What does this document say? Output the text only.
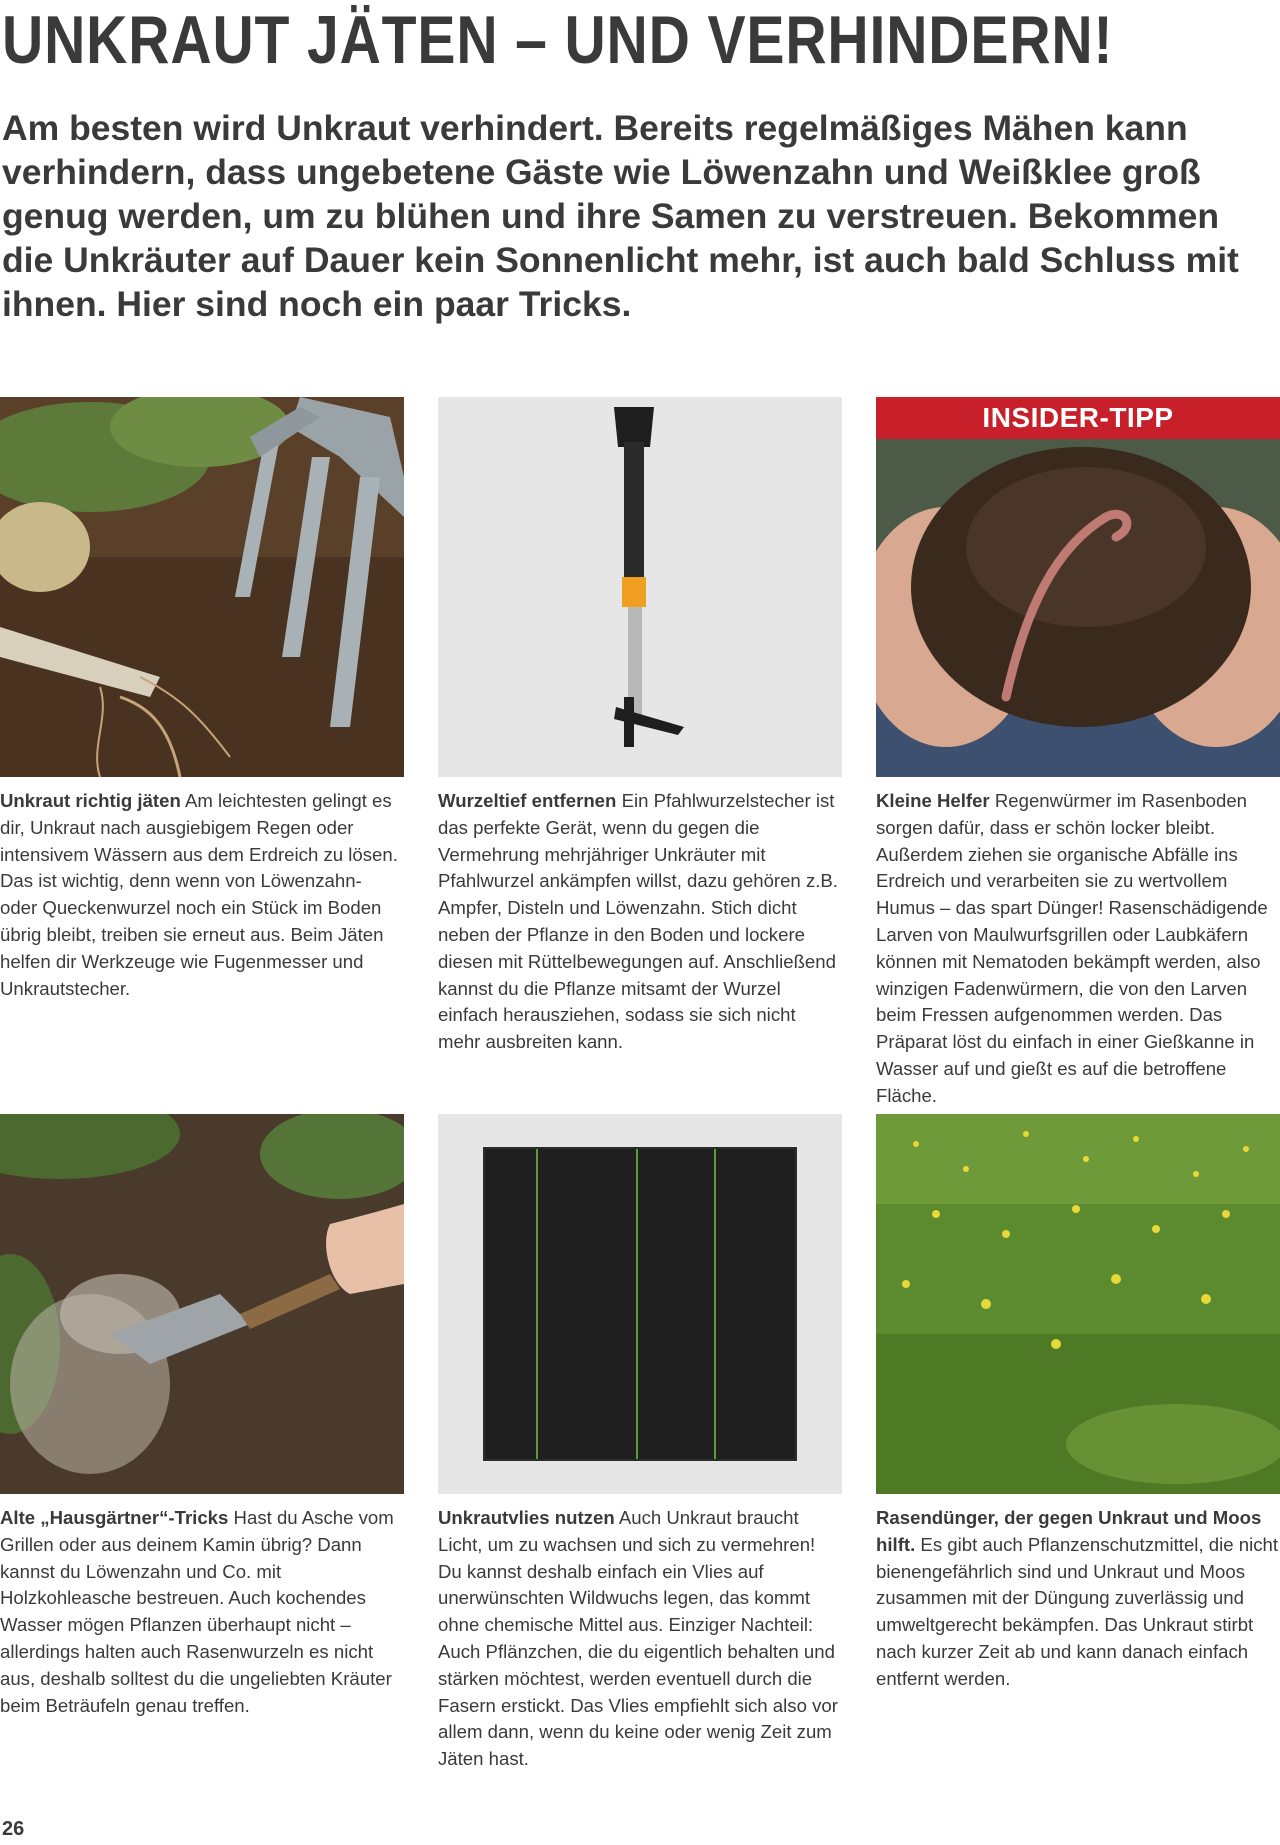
UNKRAUT JÄTEN – UND VERHINDERN!

Am besten wird Unkraut verhindert. Bereits regelmäßiges Mähen kann verhindern, dass ungebetene Gäste wie Löwenzahn und Weißklee groß genug werden, um zu blühen und ihre Samen zu verstreuen. Bekommen die Unkräuter auf Dauer kein Sonnenlicht mehr, ist auch bald Schluss mit ihnen. Hier sind noch ein paar Tricks.

INSIDER-TIPP

Unkraut richtig jäten Am leichtesten gelingt es dir, Unkraut nach ausgiebigem Regen oder intensivem Wässern aus dem Erdreich zu lösen. Das ist wichtig, denn wenn von Löwenzahn- oder Queckenwurzel noch ein Stück im Boden übrig bleibt, treiben sie erneut aus. Beim Jäten helfen dir Werkzeuge wie Fugenmesser und Unkrautstecher.

Wurzeltief entfernen Ein Pfahlwurzelstecher ist das perfekte Gerät, wenn du gegen die Vermehrung mehrjähriger Unkräuter mit Pfahlwurzel ankämpfen willst, dazu gehören z.B. Ampfer, Disteln und Löwenzahn. Stich dicht neben der Pflanze in den Boden und lockere diesen mit Rüttelbewegungen auf. Anschließend kannst du die Pflanze mitsamt der Wurzel einfach herausziehen, sodass sie sich nicht mehr ausbreiten kann.

Kleine Helfer Regenwürmer im Rasenboden sorgen dafür, dass er schön locker bleibt. Außerdem ziehen sie organische Abfälle ins Erdreich und verarbeiten sie zu wertvollem Humus – das spart Dünger! Rasenschädigende Larven von Maulwurfsgrillen oder Laubkäfern können mit Nematoden bekämpft werden, also winzigen Fadenwürmern, die von den Larven beim Fressen aufgenommen werden. Das Präparat löst du einfach in einer Gießkanne in Wasser auf und gießt es auf die betroffene Fläche.

Alte „Hausgärtner“-Tricks Hast du Asche vom Grillen oder aus deinem Kamin übrig? Dann kannst du Löwenzahn und Co. mit Holzkohleasche bestreuen. Auch kochendes Wasser mögen Pflanzen überhaupt nicht – allerdings halten auch Rasenwurzeln es nicht aus, deshalb solltest du die ungeliebten Kräuter beim Beträufeln genau treffen.

Unkrautvlies nutzen Auch Unkraut braucht Licht, um zu wachsen und sich zu vermehren! Du kannst deshalb einfach ein Vlies auf unerwünschten Wildwuchs legen, das kommt ohne chemische Mittel aus. Einziger Nachteil: Auch Pflänzchen, die du eigentlich behalten und stärken möchtest, werden eventuell durch die Fasern erstickt. Das Vlies empfiehlt sich also vor allem dann, wenn du keine oder wenig Zeit zum Jäten hast.

Rasendünger, der gegen Unkraut und Moos hilft. Es gibt auch Pflanzenschutzmittel, die nicht bienengefährlich sind und Unkraut und Moos zusammen mit der Düngung zuverlässig und umweltgerecht bekämpfen. Das Unkraut stirbt nach kurzer Zeit ab und kann danach einfach entfernt werden.

26
